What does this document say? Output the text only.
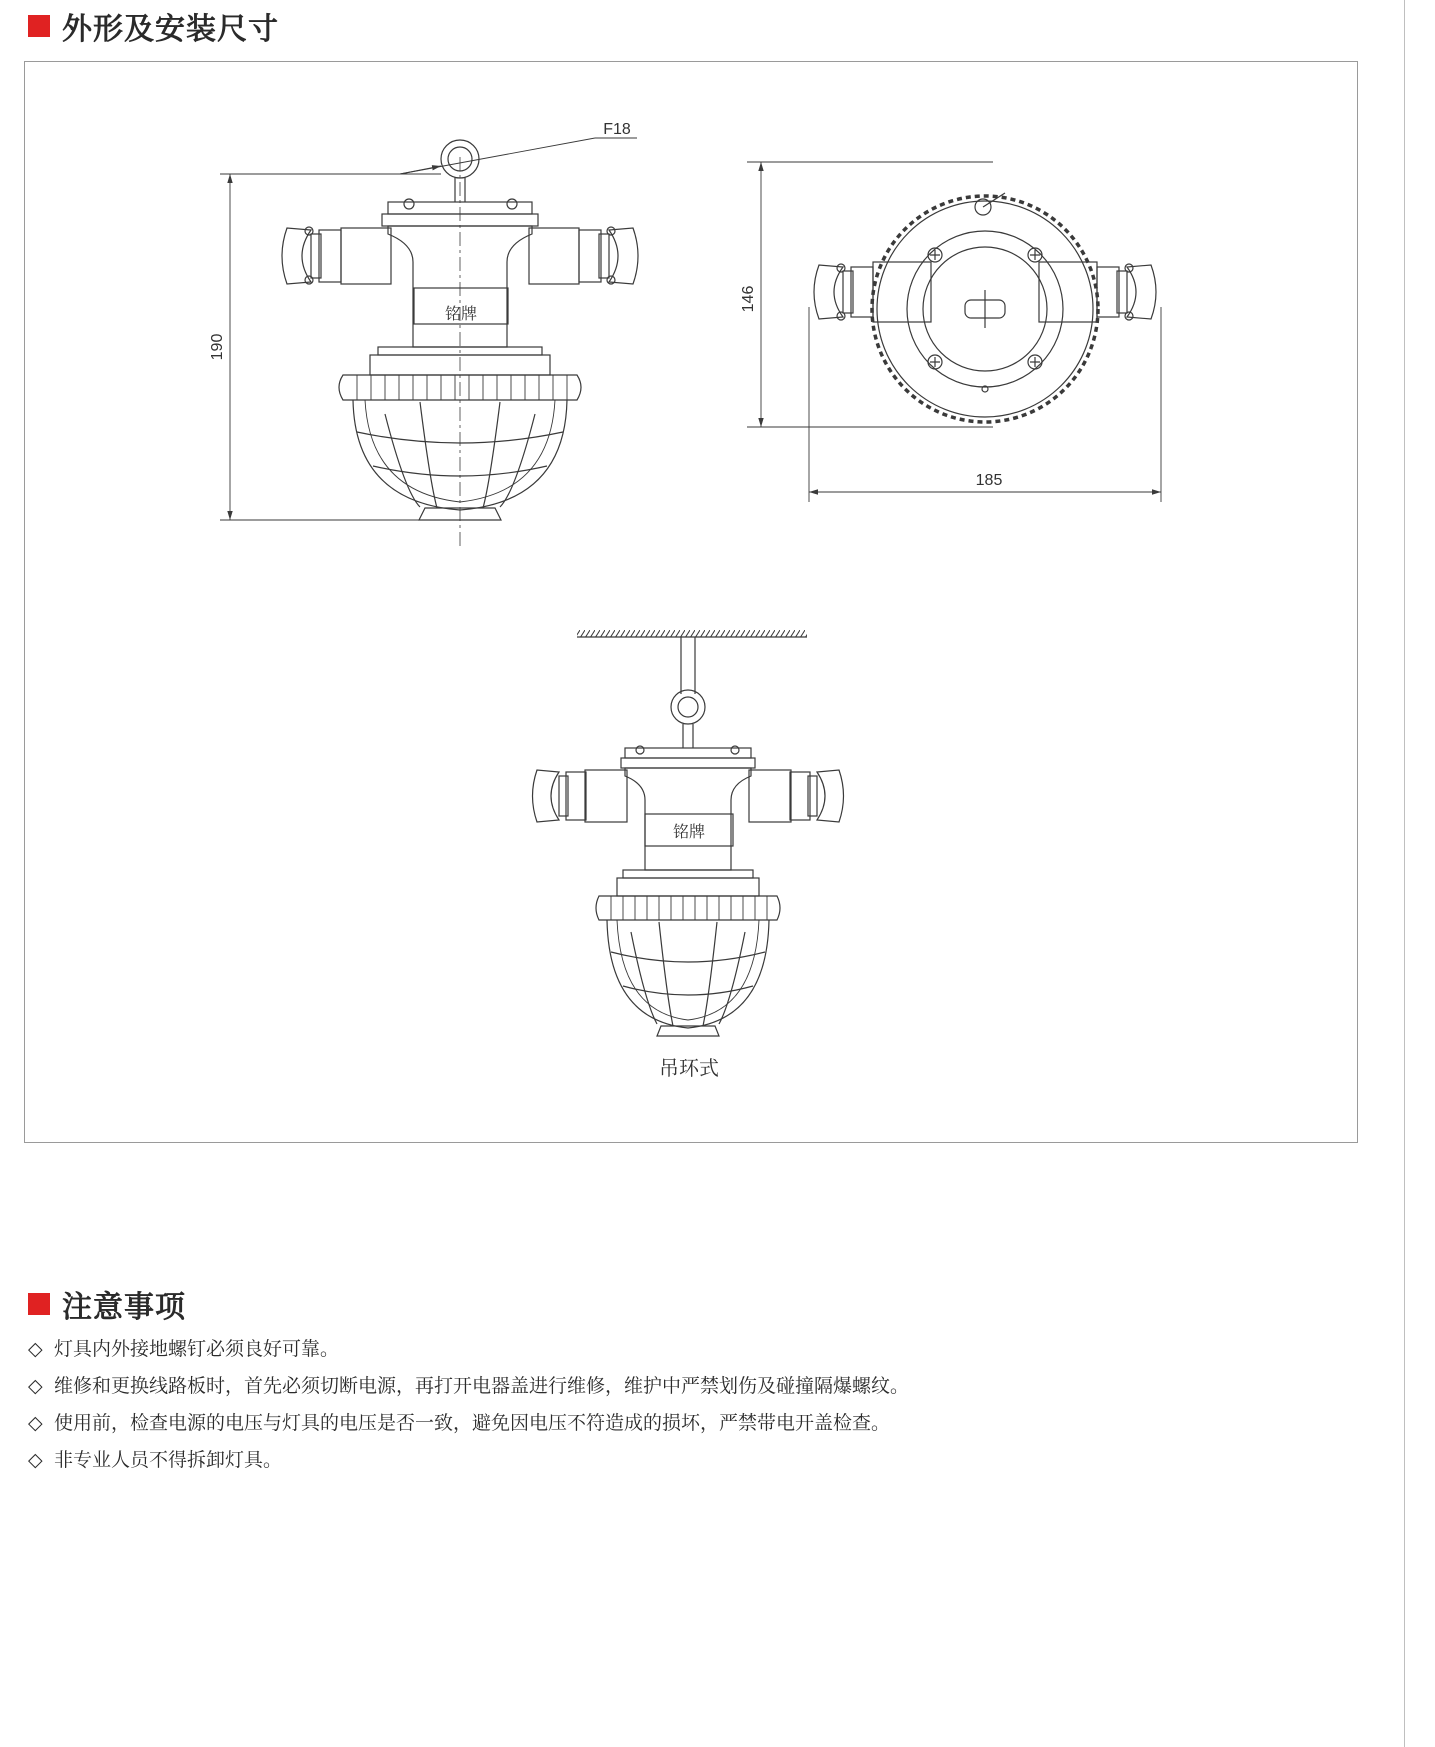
外形及安装尺寸
铭牌
铭牌
F18
190
146
185
吊环式
注意事项
◇ 灯具内外接地螺钉必须良好可靠。
◇ 维修和更换线路板时，首先必须切断电源，再打开电器盖进行维修，维护中严禁划伤及碰撞隔爆螺纹。
◇ 使用前，检查电源的电压与灯具的电压是否一致，避免因电压不符造成的损坏，严禁带电开盖检查。
◇ 非专业人员不得拆卸灯具。
